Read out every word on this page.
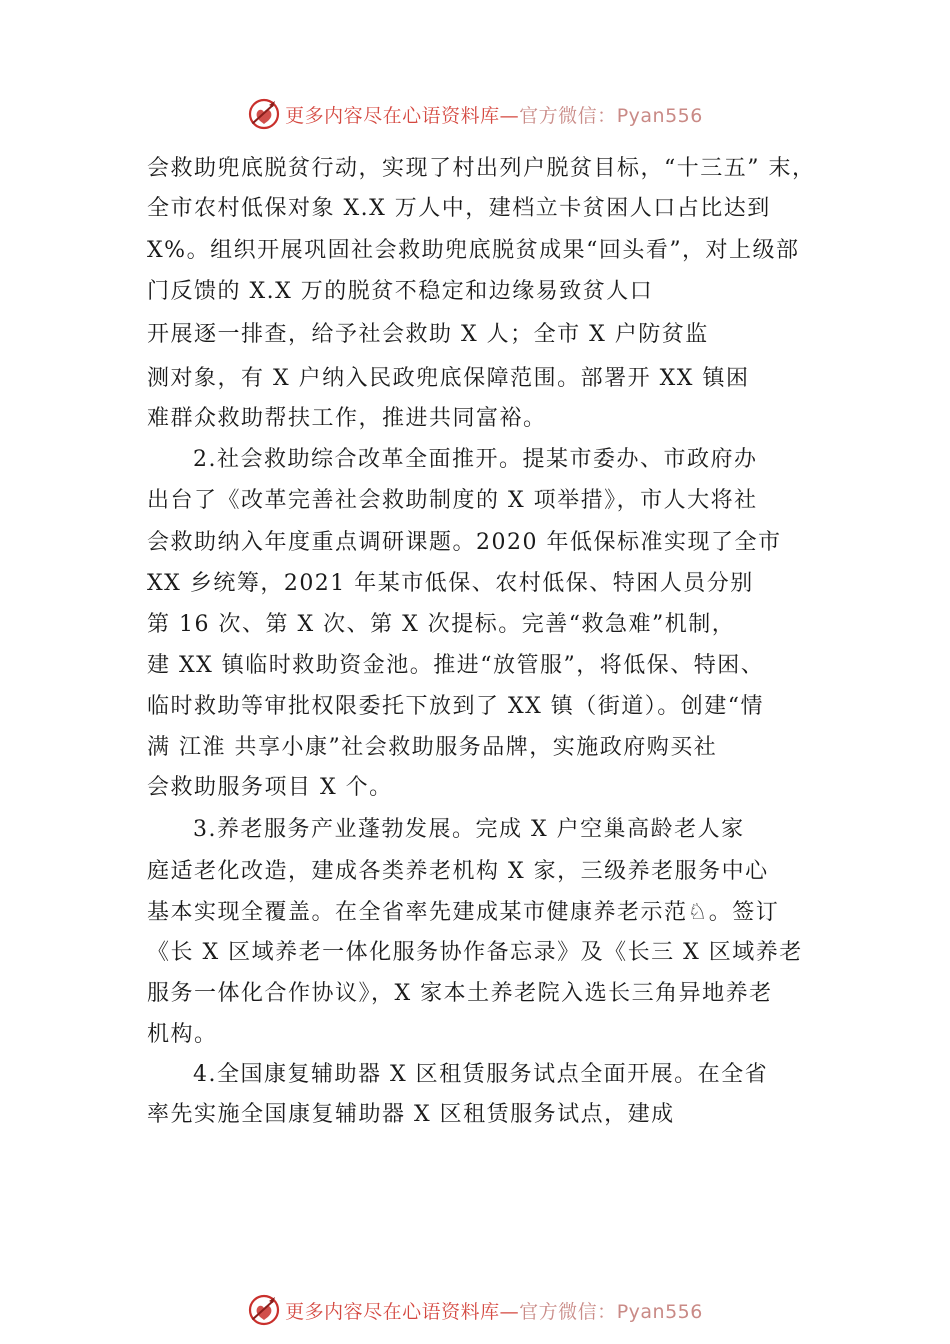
更多内容尽在心语资料库—官方微信：Pyan556
会救助兜底脱贫行动，实现了村出列户脱贫目标，“十三五” 末，
全市农村低保对象 X.X 万人中，建档立卡贫困人口占比达到
X%。组织开展巩固社会救助兜底脱贫成果“回头看”，对上级部
门反馈的 X.X 万的脱贫不稳定和边缘易致贫人口
开展逐一排查，给予社会救助 X 人；全市 X 户防贫监
测对象，有 X 户纳入民政兜底保障范围。部署开 XX 镇困
难群众救助帮扶工作，推进共同富裕。
2.社会救助综合改革全面推开。提某市委办、市政府办
出台了《改革完善社会救助制度的 X 项举措》，市人大将社
会救助纳入年度重点调研课题。2020 年低保标准实现了全市
XX 乡统筹，2021 年某市低保、农村低保、特困人员分别
第 16 次、第 X 次、第 X 次提标。完善“救急难”机制，
建 XX 镇临时救助资金池。推进“放管服”，将低保、特困、
临时救助等审批权限委托下放到了 XX 镇（街道）。创建“情
满 江淮 共享小康”社会救助服务品牌，实施政府购买社
会救助服务项目 X 个。
3.养老服务产业蓬勃发展。完成 X 户空巢高龄老人家
庭适老化改造，建成各类养老机构 X 家，三级养老服务中心
基本实现全覆盖。在全省率先建成某市健康养老示范♘。签订
《长 X 区域养老一体化服务协作备忘录》及《长三 X 区域养老
服务一体化合作协议》，X 家本土养老院入选长三角异地养老
机构。
4.全国康复辅助器 X 区租赁服务试点全面开展。在全省
率先实施全国康复辅助器 X 区租赁服务试点，建成
更多内容尽在心语资料库—官方微信：Pyan556
